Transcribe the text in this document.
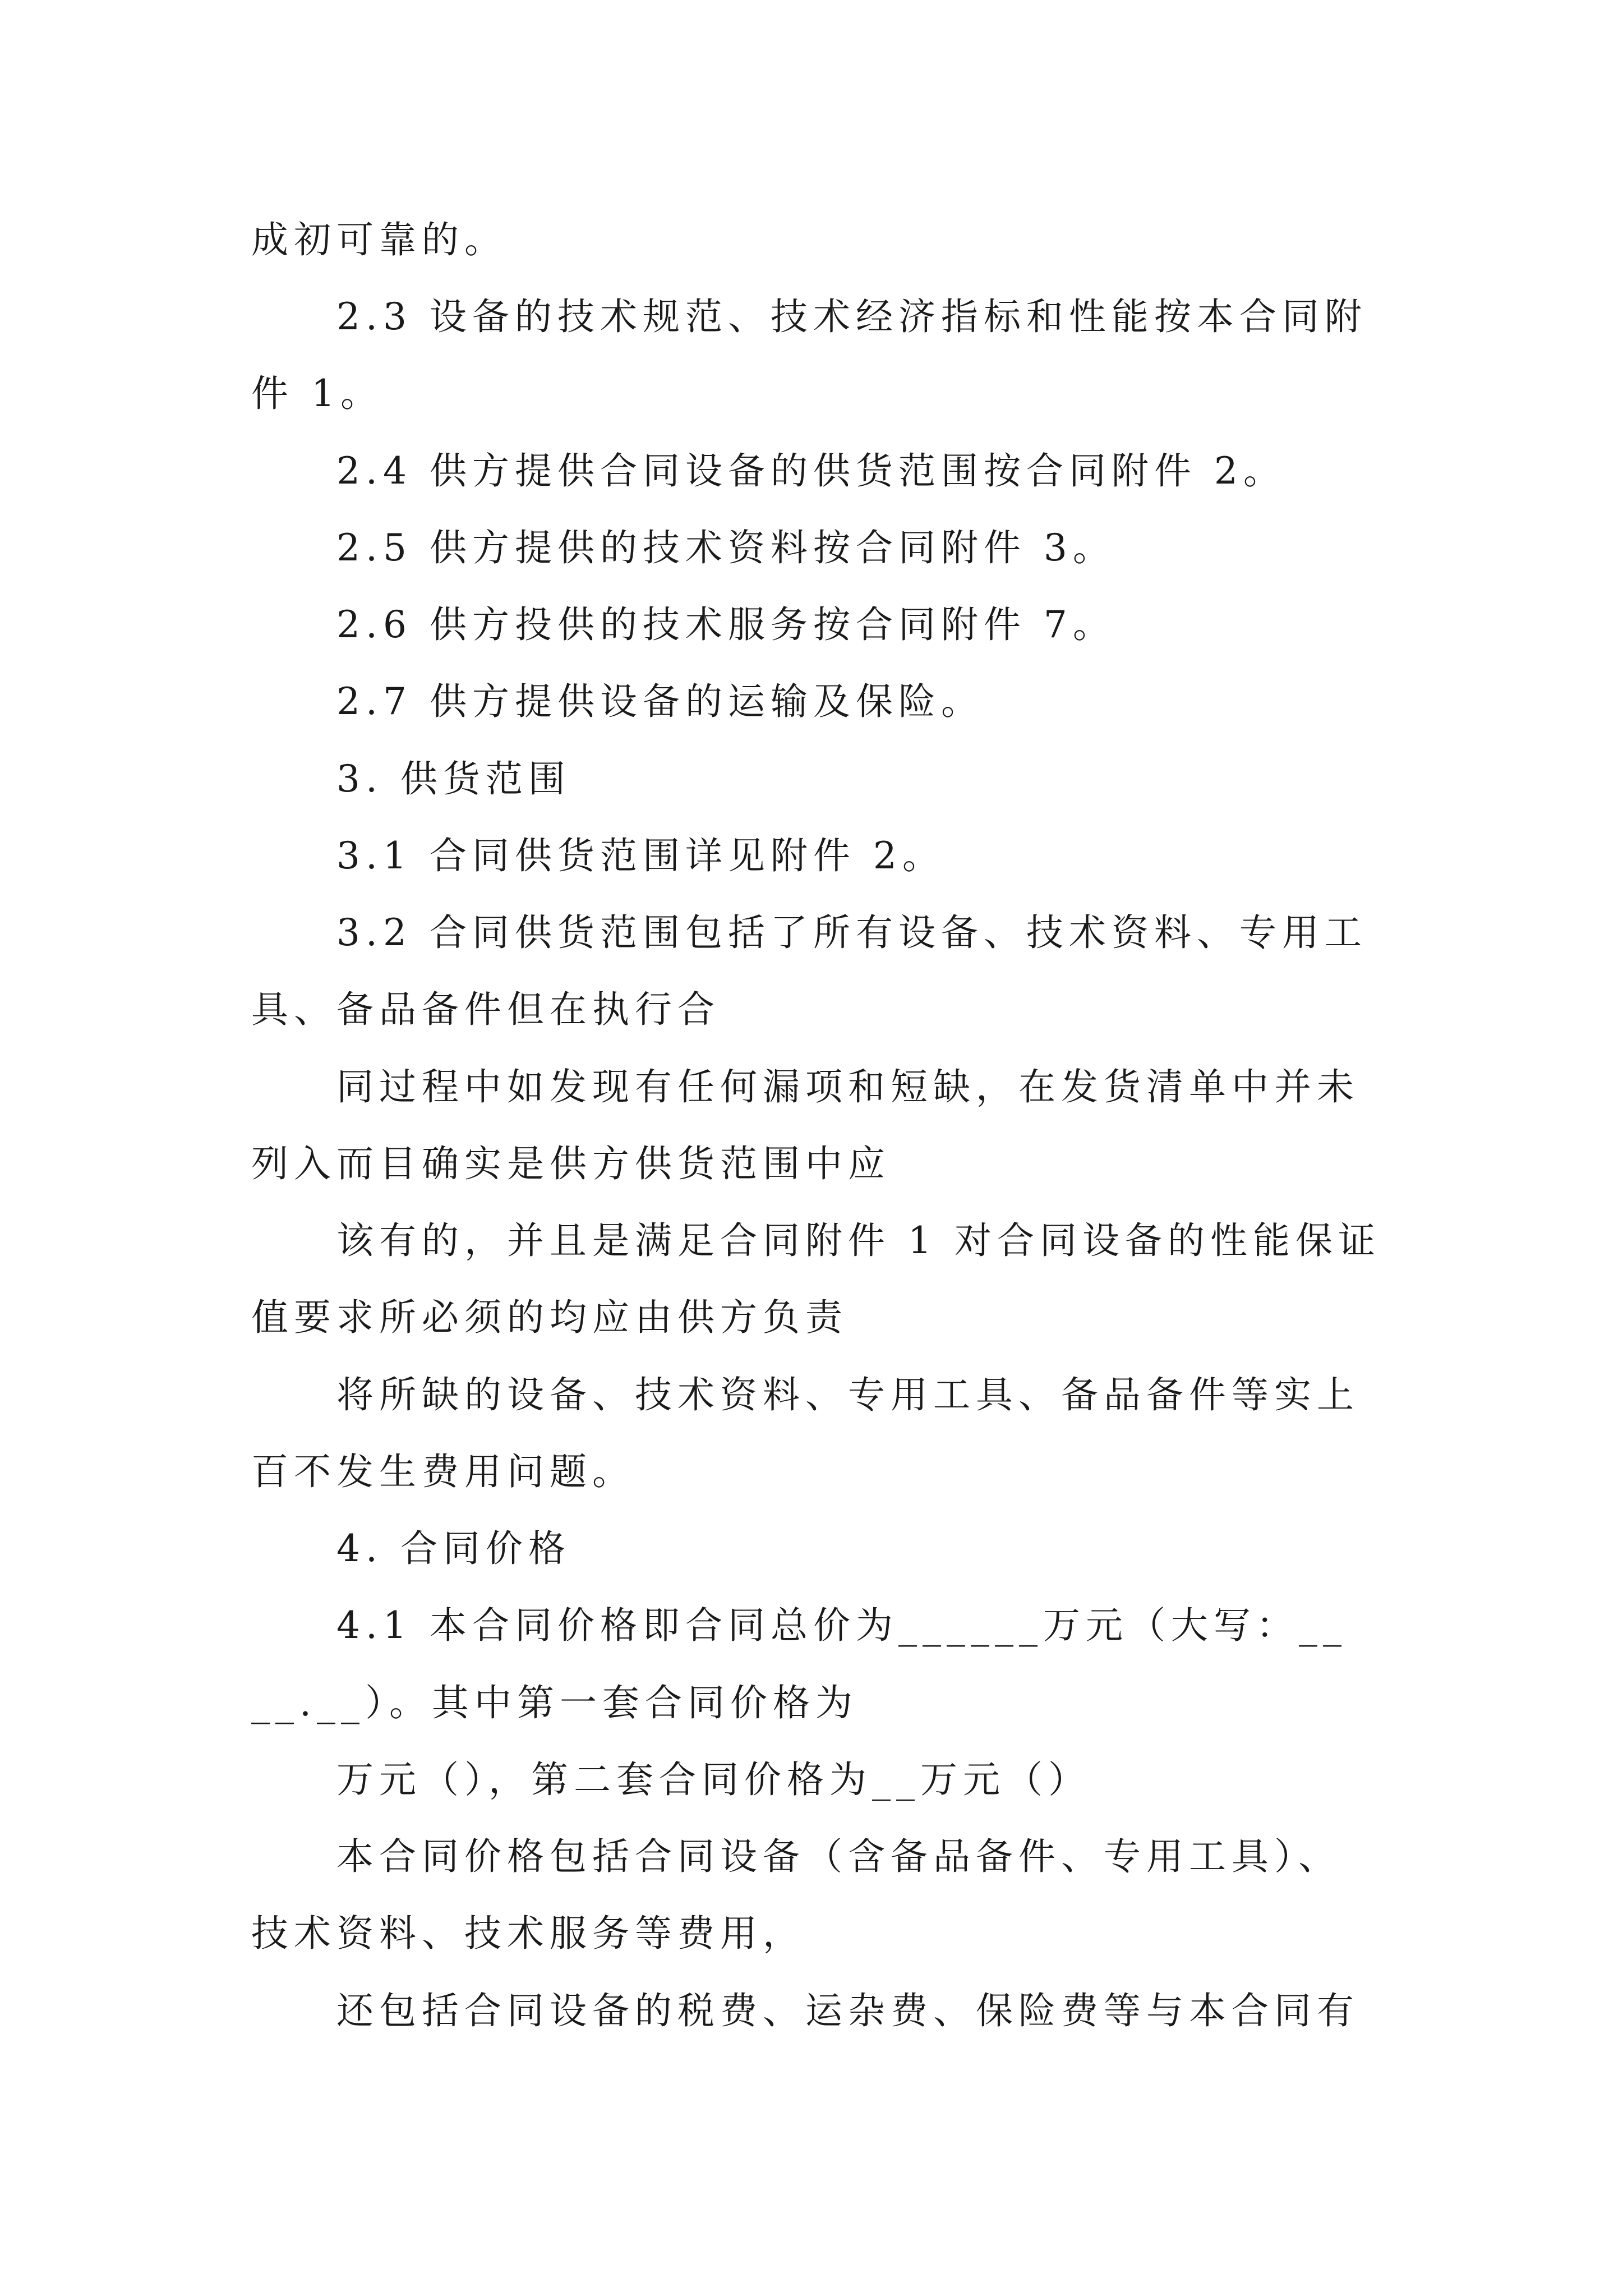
成初可靠的。
2.3 设备的技术规范、技术经济指标和性能按本合同附
件 1。
2.4 供方提供合同设备的供货范围按合同附件 2。
2.5 供方提供的技术资料按合同附件 3。
2.6 供方投供的技术服务按合同附件 7。
2.7 供方提供设备的运输及保险。
3. 供货范围
3.1 合同供货范围详见附件 2。
3.2 合同供货范围包括了所有设备、技术资料、专用工
具、备品备件但在执行合
同过程中如发现有任何漏项和短缺，在发货清单中并未
列入而目确实是供方供货范围中应
该有的，并且是满足合同附件 1 对合同设备的性能保证
值要求所必须的均应由供方负责
将所缺的设备、技术资料、专用工具、备品备件等实上
百不发生费用问题。
4. 合同价格
4.1 本合同价格即合同总价为______万元（大写：__
__.__）。其中第一套合同价格为
万元（），第二套合同价格为__万元（）
本合同价格包括合同设备（含备品备件、专用工具）、
技术资料、技术服务等费用，
还包括合同设备的税费、运杂费、保险费等与本合同有
